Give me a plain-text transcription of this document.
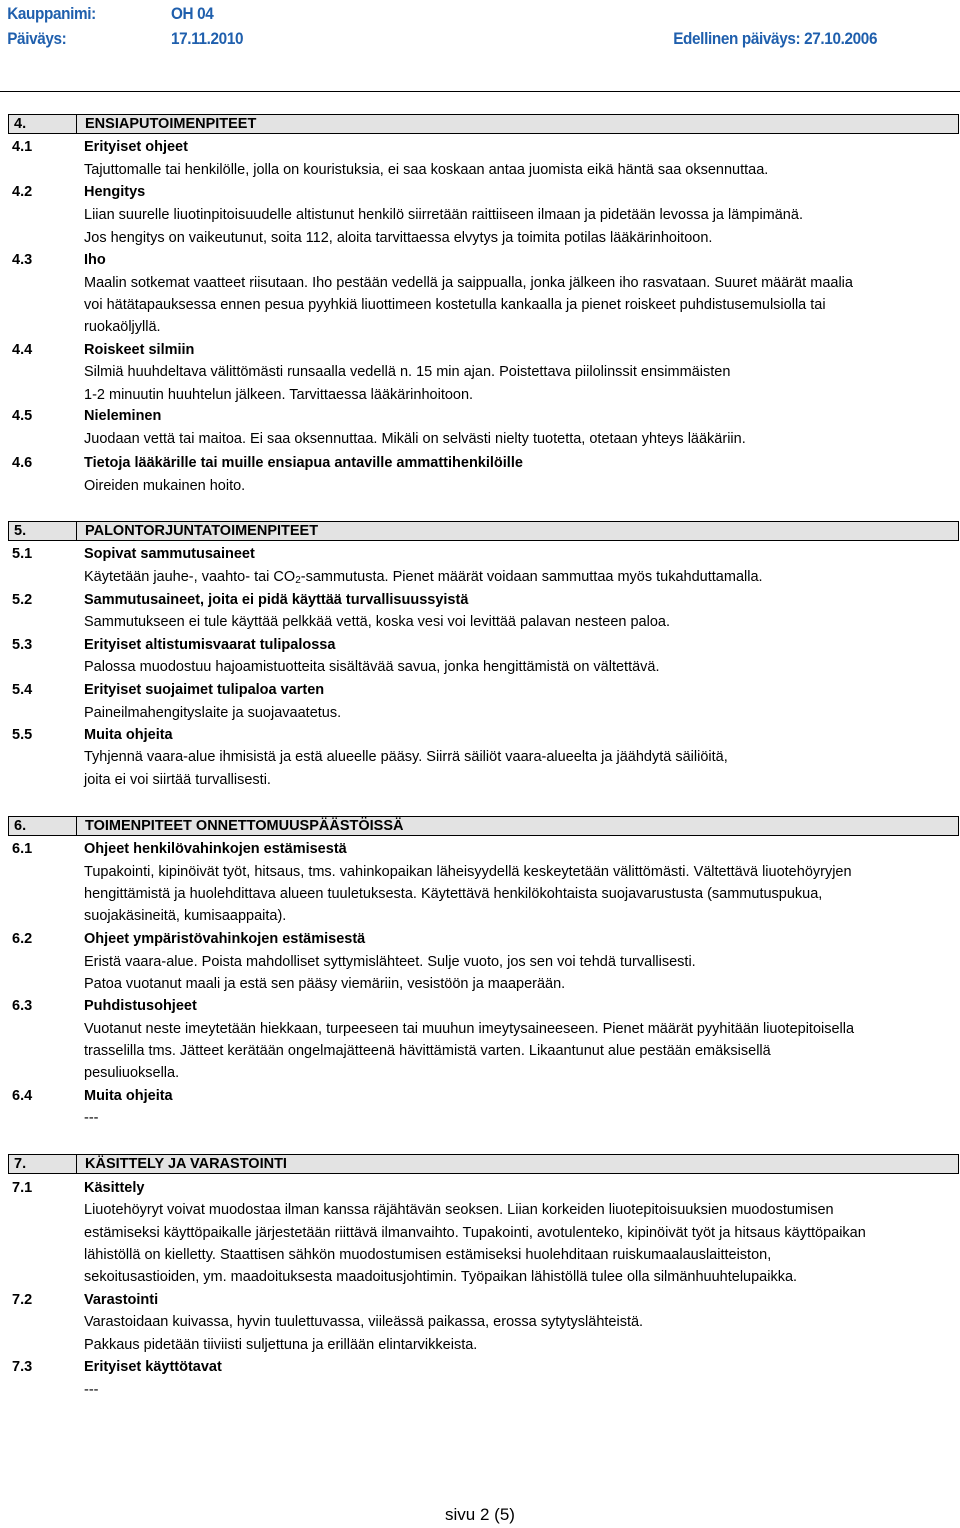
Kauppanimi:	OH 04
Päiväys:	17.11.2010	Edellinen päiväys: 27.10.2006
4.	ENSIAPUTOIMENPITEET
4.1	Erityiset ohjeet
Tajuttomalle tai henkilölle, jolla on kouristuksia, ei saa koskaan antaa juomista eikä häntä saa oksennuttaa.
4.2	Hengitys
Liian suurelle liuotinpitoisuudelle altistunut henkilö siirretään raittiiseen ilmaan ja pidetään levossa ja lämpimänä.
Jos hengitys on vaikeutunut, soita 112, aloita tarvittaessa elvytys ja toimita potilas lääkärinhoitoon.
4.3	Iho
Maalin sotkemat vaatteet riisutaan. Iho pestään vedellä ja saippualla, jonka jälkeen iho rasvataan. Suuret määrät maalia
voi hätätapauksessa ennen pesua pyyhkiä liuottimeen kostetulla kankaalla ja pienet roiskeet puhdistusemulsiolla tai
ruokaöljyllä.
4.4	Roiskeet silmiin
Silmiä huuhdeltava välittömästi runsaalla vedellä n. 15 min ajan. Poistettava piilolinssit ensimmäisten
1-2 minuutin huuhtelun jälkeen. Tarvittaessa lääkärinhoitoon.
4.5	Nieleminen
Juodaan vettä tai maitoa. Ei saa oksennuttaa. Mikäli on selvästi nielty tuotetta, otetaan yhteys lääkäriin.
4.6	Tietoja lääkärille tai muille ensiapua antaville ammattihenkilöille
Oireiden mukainen hoito.
5.	PALONTORJUNTATOIMENPITEET
5.1	Sopivat sammutusaineet
Käytetään jauhe-, vaahto- tai $CO_2$-sammutusta. Pienet määrät voidaan sammuttaa myös tukahduttamalla.
5.2	Sammutusaineet, joita ei pidä käyttää turvallisuussyistä
Sammutukseen ei tule käyttää pelkkää vettä, koska vesi voi levittää palavan nesteen paloa.
5.3	Erityiset altistumisvaarat tulipalossa
Palossa muodostuu hajoamistuotteita sisältävää savua, jonka hengittämistä on vältettävä.
5.4	Erityiset suojaimet tulipaloa varten
Paineilmahengityslaite ja suojavaatetus.
5.5	Muita ohjeita
Tyhjennä vaara-alue ihmisistä ja estä alueelle pääsy. Siirrä säiliöt vaara-alueelta ja jäähdytä säiliöitä,
joita ei voi siirtää turvallisesti.
6.	TOIMENPITEET ONNETTOMUUSPÄÄSTÖISSÄ
6.1	Ohjeet henkilövahinkojen estämisestä
Tupakointi, kipinöivät työt, hitsaus, tms. vahinkopaikan läheisyydellä keskeytetään välittömästi. Vältettävä liuotehöyryjen
hengittämistä ja huolehdittava alueen tuuletuksesta. Käytettävä henkilökohtaista suojavarustusta (sammutuspukua,
suojakäsineitä, kumisaappaita).
6.2	Ohjeet ympäristövahinkojen estämisestä
Eristä vaara-alue. Poista mahdolliset syttymislähteet. Sulje vuoto, jos sen voi tehdä turvallisesti.
Patoa vuotanut maali ja estä sen pääsy viemäriin, vesistöön ja maaperään.
6.3	Puhdistusohjeet
Vuotanut neste imeytetään hiekkaan, turpeeseen tai muuhun imeytysaineeseen. Pienet määrät pyyhitään liuotepitoisella
trasselilla tms. Jätteet kerätään ongelmajätteenä hävittämistä varten. Likaantunut alue pestään emäksisellä
pesuliuoksella.
6.4	Muita ohjeita
---
7.	KÄSITTELY JA VARASTOINTI
7.1	Käsittely
Liuotehöyryt voivat muodostaa ilman kanssa räjähtävän seoksen. Liian korkeiden liuotepitoisuuksien muodostumisen
estämiseksi käyttöpaikalle järjestetään riittävä ilmanvaihto. Tupakointi, avotulenteko, kipinöivät työt ja hitsaus käyttöpaikan
lähistöllä on kielletty. Staattisen sähkön muodostumisen estämiseksi huolehditaan ruiskumaalauslaitteiston,
sekoitusastioiden, ym. maadoituksesta maadoitusjohtimin. Työpaikan lähistöllä tulee olla silmänhuuhtelupaikka.
7.2	Varastointi
Varastoidaan kuivassa, hyvin tuulettuvassa, viileässä paikassa, erossa sytytyslähteistä.
Pakkaus pidetään tiiviisti suljettuna ja erillään elintarvikkeista.
7.3	Erityiset käyttötavat
---
sivu 2 (5)
